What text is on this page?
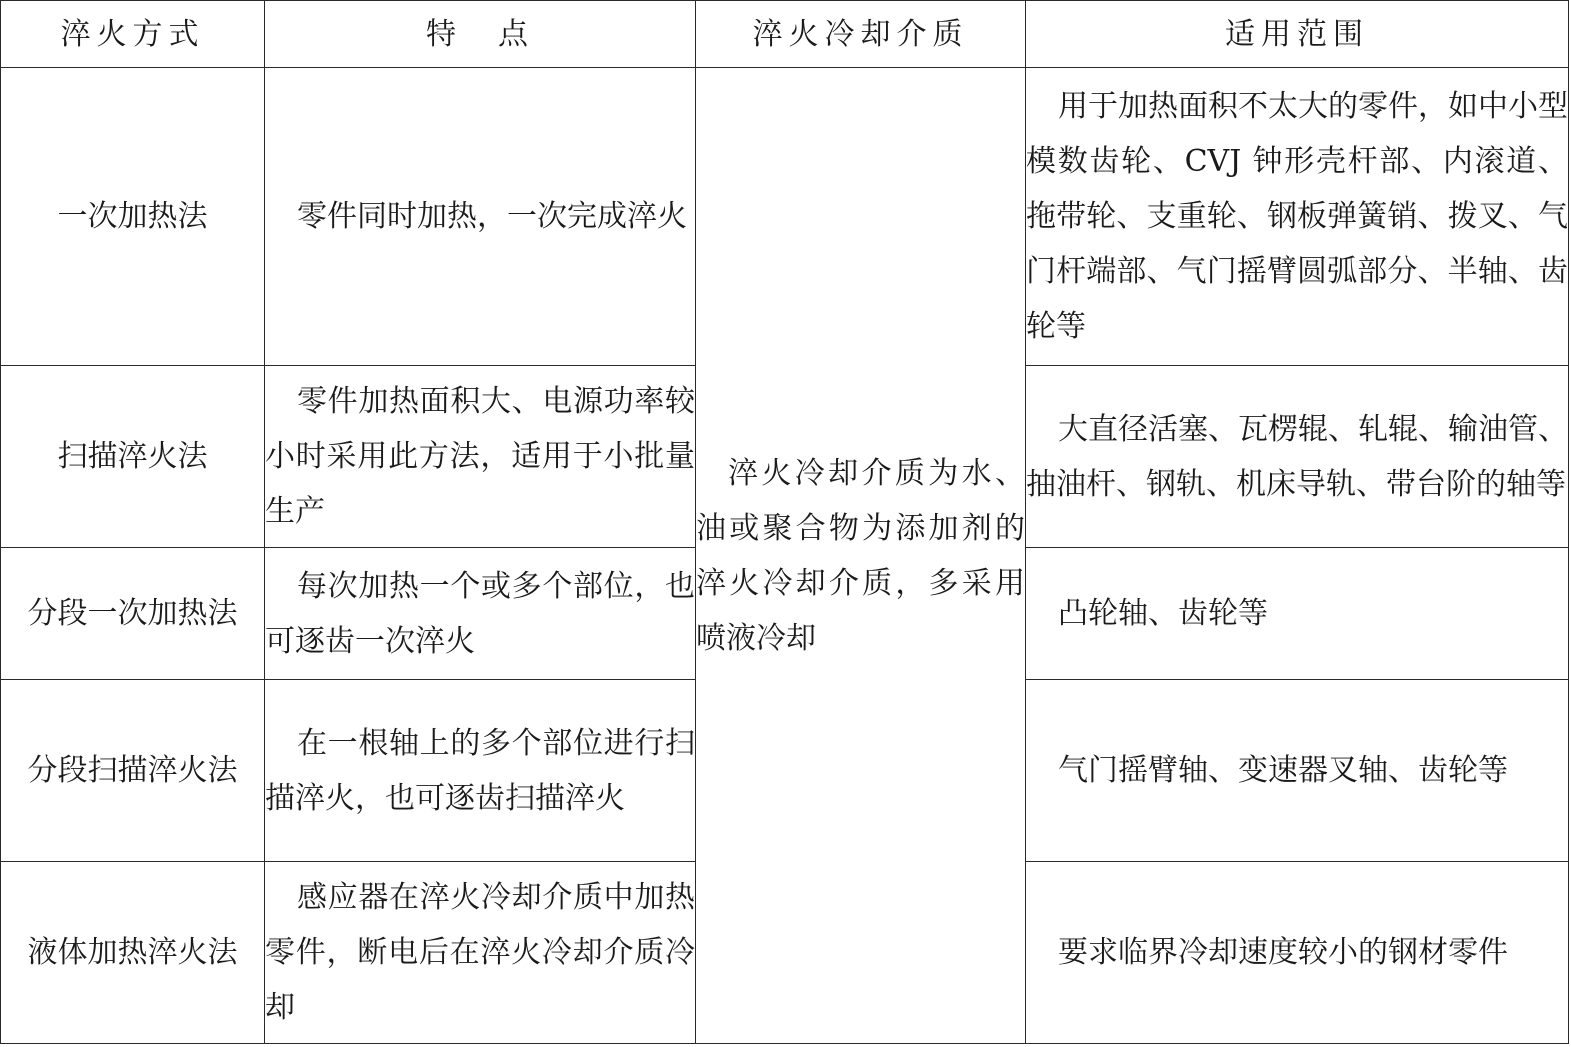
淬火方式	特　点	淬火冷却介质	适用范围
一次加热法	零件同时加热，一次完成淬火	淬火冷却介质为水、油或聚合物为添加剂的淬火冷却介质，多采用喷液冷却	用于加热面积不太大的零件，如中小型模数齿轮、CVJ 钟形壳杆部、内滚道、拖带轮、支重轮、钢板弹簧销、拨叉、气门杆端部、气门摇臂圆弧部分、半轴、齿轮等

扫描淬火法	零件加热面积大、电源功率较小时采用此方法，适用于小批量生产		大直径活塞、瓦楞辊、轧辊、输油管、抽油杆、钢轨、机床导轨、带台阶的轴等

分段一次加热法	每次加热一个或多个部位，也可逐齿一次淬火		凸轮轴、齿轮等

分段扫描淬火法	在一根轴上的多个部位进行扫描淬火，也可逐齿扫描淬火		气门摇臂轴、变速器叉轴、齿轮等

液体加热淬火法	感应器在淬火冷却介质中加热零件，断电后在淬火冷却介质冷却		要求临界冷却速度较小的钢材零件
